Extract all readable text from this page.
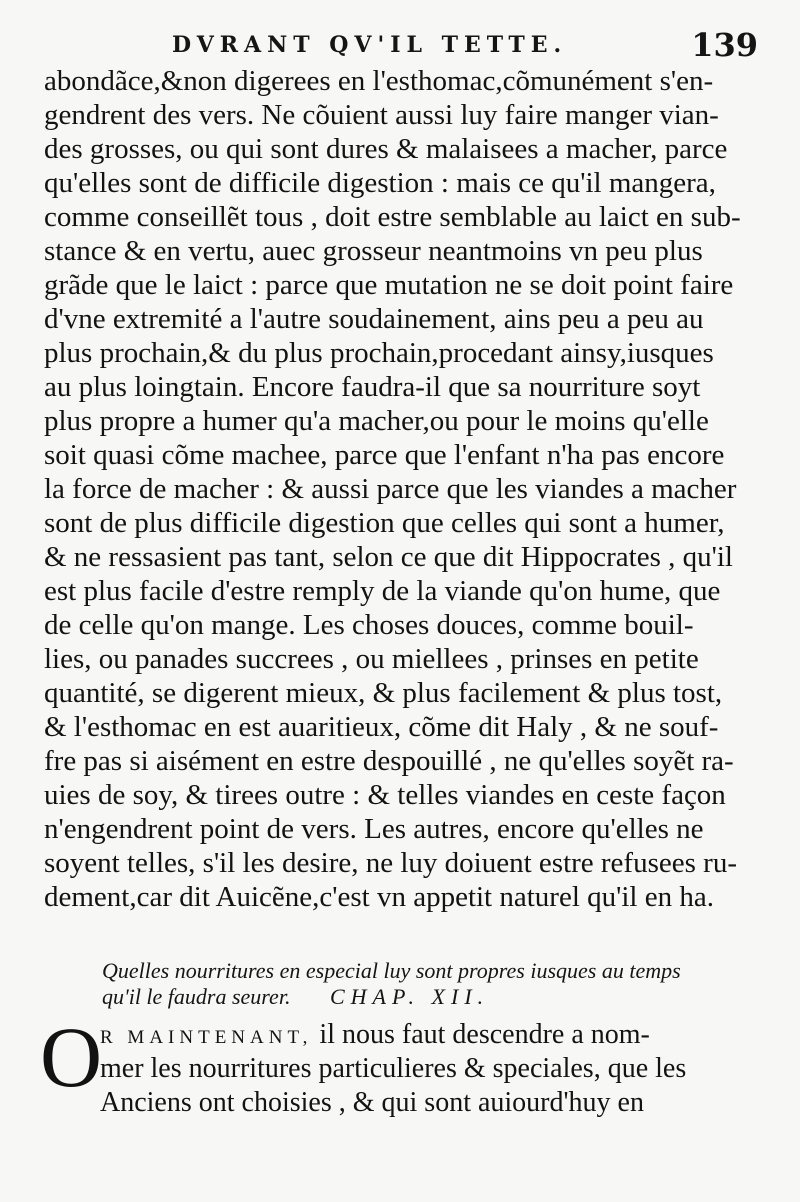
DVRANT QV'IL TETTE.	139
abondãce,&non digerees en l'esthomac,cõmunément s'en-
gendrent des vers. Ne cõuient aussi luy faire manger vian-
des grosses, ou qui sont dures & malaisees a macher, parce
qu'elles sont de difficile digestion : mais ce qu'il mangera,
comme conseillẽt tous , doit estre semblable au laict en sub-
stance & en vertu, auec grosseur neantmoins vn peu plus
grãde que le laict : parce que mutation ne se doit point faire
d'vne extremité a l'autre soudainement, ains peu a peu au
plus prochain,& du plus prochain,procedant ainsy,iusques
au plus loingtain. Encore faudra-il que sa nourriture soyt
plus propre a humer qu'a macher,ou pour le moins qu'elle
soit quasi cõme machee, parce que l'enfant n'ha pas encore
la force de macher : & aussi parce que les viandes a macher
sont de plus difficile digestion que celles qui sont a humer,
& ne ressasient pas tant, selon ce que dit Hippocrates , qu'il
est plus facile d'estre remply de la viande qu'on hume, que
de celle qu'on mange. Les choses douces, comme bouil-
lies, ou panades succrees , ou miellees , prinses en petite
quantité, se digerent mieux, & plus facilement & plus tost,
& l'esthomac en est auaritieux, cõme dit Haly , & ne souf-
fre pas si aisément en estre despouillé , ne qu'elles soyẽt ra-
uies de soy, & tirees outre : & telles viandes en ceste façon
n'engendrent point de vers. Les autres, encore qu'elles ne
soyent telles, s'il les desire, ne luy doiuent estre refusees ru-
dement,car dit Auicẽne,c'est vn appetit naturel qu'il en ha.
Quelles nourritures en especial luy sont propres iusques au temps
qu'il le faudra seurer. CHAP. XII.
O
R MAINTENANT, il nous faut descendre a nom-
mer les nourritures particulieres & speciales, que les
Anciens ont choisies , & qui sont auiourd'huy en
